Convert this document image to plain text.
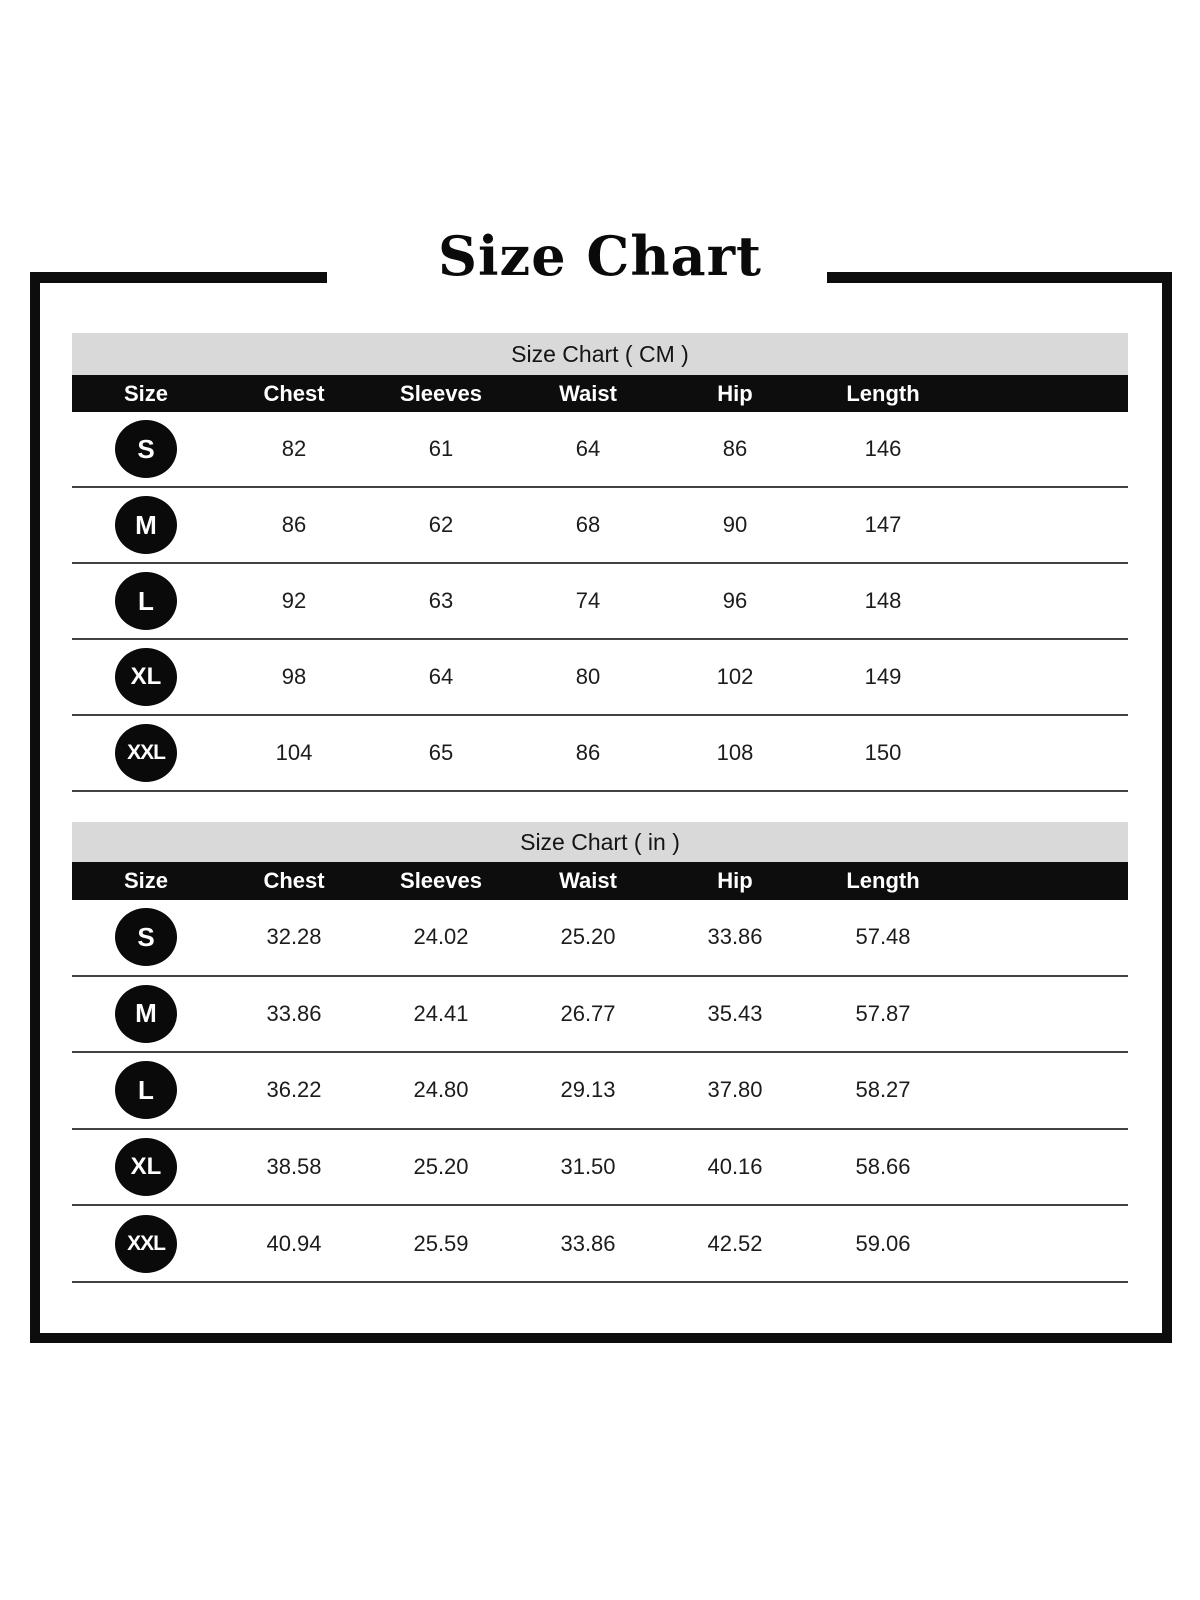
Size Chart
Size Chart ( CM )
Size	Chest	Sleeves	Waist	Hip	Length
S	82	61	64	86	146
M	86	62	68	90	147
L	92	63	74	96	148
XL	98	64	80	102	149
XXL	104	65	86	108	150
Size Chart ( in )
Size	Chest	Sleeves	Waist	Hip	Length
S	32.28	24.02	25.20	33.86	57.48
M	33.86	24.41	26.77	35.43	57.87
L	36.22	24.80	29.13	37.80	58.27
XL	38.58	25.20	31.50	40.16	58.66
XXL	40.94	25.59	33.86	42.52	59.06
